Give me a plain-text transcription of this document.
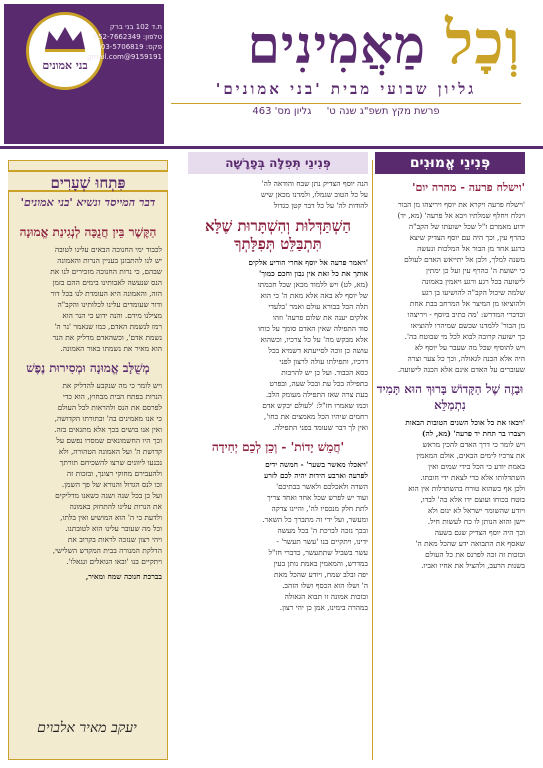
וְכָל מַאֲמִינִים
גליון שבועי מבית 'בני אמונים'
פרשת מקץ תשפ"ג שנה ט' גליון מס' 463
בני אמונים
ת.ד 102 בני ברק
טלפון: 052-7662349
פקס: 03-5706819
9159191@gmail.com
פְּנִינֵי אֱמוּנִים
'וישלח פרעה - מהרה יום'
'וישלח פרעה ויקרא את יוסף ויריצהו מן הבור
ויגלח ויחלף שמלתיו ויבא אל פרעה' (מא, יד)
ידוע מאמרם ז"ל שכל ישועתו של הקב"ה
כהרף עין, וכך היה עם יוסף הצדיק שיצא
ברגע אחד מן הבור אל המלכות ונעשה
משנה למלך, ולכן אל יתייאש האדם לעולם
כי ישועת ה' כהרף עין ועל כן ימתין
לישועה בכל רגע ורגע ויאמין באמונה
שלמה שיכול הקב"ה להושיעו בן רגע
ולהוציאו מן המיצר אל המרחב בבת אחת
וכדברי המדרש: 'מה כתיב ביוסף - ויריצהו
מן הבור' ללמדנו שכשם שמיהרו להוציאו
כך ישועה קרובה לבוא לכל מי שבוטח בה'.
ויש להוסיף שכל מה שעבר על יוסף לא
היה אלא הכנה לגאולה, וכך כל צער וצרה
שעוברים על האדם אינם אלא הכנה לישועה.
וּבָזֶה שֶׁל הַקָּדוֹשׁ בָּרוּךְ הוּא תָּמִיד נִתְמַלֵּא
'ויבאו את כל אוכל השנים הטובות הבאות
ויצברו בר תחת יד פרעה' (מא, לה)
ויש לומר כי דרך האדם להכין מראש
את צרכיו לימים הבאים, אולם המאמין
באמת יודע כי הכל בידי שמים ואין
השתדלותו אלא כדי לצאת ידי חובתו.
ולכן אף כשהוא טורח בהשתדלות אין הוא
בוטח בכוחו ועוצם ידו אלא בה' לבדו,
ויודע שהשומר ישראל לא ינום ולא
יישן והוא הנותן לו כח לעשות חיל.
וכך היה יוסף הצדיק שגם בשעה
שאסף את התבואה ידע שהכל מאת ה'
ובזכות זה זכה לפרנס את כל העולם
בשנות הרעב, ולהציל את אחיו ואביו.
פְּנִינֵי תְּפִלָּה בְּפָרָשָׁה
הנה יוסף הצדיק נתן שבח והודאה לה'
על כל הטוב שגמלו, ולמדנו מכאן שיש
להודות לה' על כל דבר קטן כגדול
הַשְׁתַּדְּלוּת וְהִשְׁתָּרוּת שֶׁלָּא תִּתְבַּלֵּט תְּפִלָּתְךָ
'ויאמר פרעה אל יוסף אחרי הודיע אלקים
אותך את כל זאת אין נבון וחכם כמוך'
(מא, לט) ויש ללמוד מכאן שכל חכמתו
של יוסף לא באה אלא מאת ה' כי הוא
תלה הכל בבורא עולם ואמר 'בלעדי
אלקים יענה את שלום פרעה' וזהו
סוד התפילה שאין האדם סומך על כוחו
אלא מבקש מה' על כל צרכיו, וכשהוא
עושה כן זוכה לסייעתא דשמיא בכל
דרכיו, ותפילתו עולה לרצון לפני
כסא הכבוד. ועל כן יש להרבות
בתפילה בכל עת ובכל שעה, ובפרט
בעת צרה שאז התפילה מעומק הלב.
וכמו שאמרו חז"ל: 'לעולם יבקש אדם
רחמים שיהיו הכל מאמצים את כחו',
ואין לך דבר שעומד בפני התפילה.
'חֲמֵשׁ יָדוֹת' - וְכֵן לְכֵם יְחִידָה
'ויאכלו מאשר בשער' - חמשה ידים
לפרעה וארבע הידות יהיה לכם לזרע
השדה ולאכלכם ולאשר בבתיכם'
ועוד יש לפרש שכל אחד ואחד צריך
לתת חלק מנכסיו לה', והיינו צדקה
ומעשר, ועל ידי זה מתברך כל השאר.
ובכך נזכה לברכת ה' בכל מעשה
ידינו, ויתקיים בנו 'עשר תעשר' -
עשר בשביל שתתעשר, כדברי חז"ל
במדרש, והמאמין באמת נותן בעין
יפה ובלב שמח, ויודע שהכל מאת
ה' ושלו הוא הכסף ושלו הזהב.
ובזכות אמונה זו תבוא הגאולה
במהרה בימינו, אמן כן יהי רצון.
פִּתְחוּ שְׁעָרִים
דבר המייסד ונשיא 'בני אמונים'
הַקֶּשֶׁר בֵּין חֲנֻכָּה לְנְגִינַת אֱמוּנָה
לכבוד ימי החנוכה הבאים עלינו לטובה
יש לנו להתבונן בעניין הנרות והאמונה
שבהם, כי נרות החנוכה מזכירים לנו את
הנס שנעשה לאבותינו בימים ההם בזמן
הזה, והאמונה היא העומדת לנו בכל דור
ודור שעומדים עלינו לכלותינו והקב"ה
מצילנו מידם. והנה ידוע כי הנר הוא
רמז לנשמת האדם, כמו שנאמר 'נר ה'
נשמת אדם', וכשהאדם מדליק את הנר
הוא מאיר את נשמתו באור האמונה.
מְשֻׁלָּב אֱמוּנָה וּמְסִירוּת נֶפֶשׁ
ויש לומר כי מה שנקבע להדליק את
הנרות בפתח הבית מבחוץ, הוא כדי
לפרסם את הנס ולהראות לכל העולם
כי אנו מאמינים בה' ובתורתו הקדושה,
ואין אנו בושים בכך אלא מתגאים בזה.
וכך היו החשמונאים שמסרו נפשם על
קדושת ה' ועל האמונה הטהורה, ולא
נכנעו ליוונים שרצו להשכיחם תורתך
ולהעבירם מחוקי רצונך, ובזכות זה
זכו לנס הגדול והנורא של פך השמן.
ועל כן בכל שנה ושנה כשאנו מדליקים
את הנרות עלינו להתחזק באמונה
ולדעת כי ה' הוא המושיע ואין בלתו,
וכל מה שעובר עלינו הוא לטובתנו.
ויהי רצון שנזכה לראות בקרוב את
הדלקת המנורה בבית המקדש השלישי,
ויתקיים בנו 'ובאו הגואלים ונגאלו'.
בברכת חנוכה שמח ומאיר,
יעקב מאיר אלבוים
